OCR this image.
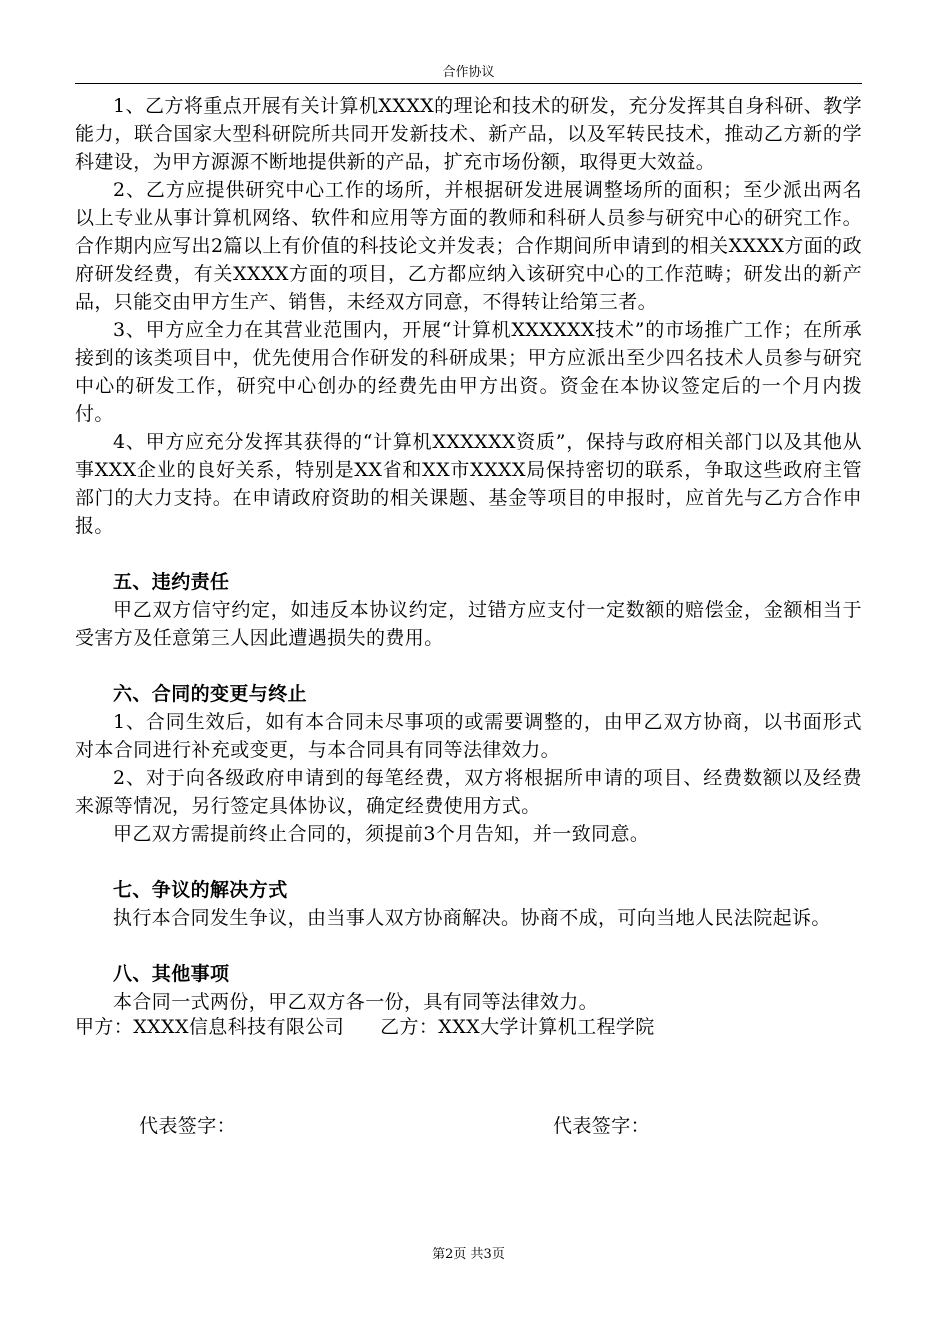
合作协议

1、乙方将重点开展有关计算机XXXX的理论和技术的研发，充分发挥其自身科研、教学能力，联合国家大型科研院所共同开发新技术、新产品，以及军转民技术，推动乙方新的学科建设，为甲方源源不断地提供新的产品，扩充市场份额，取得更大效益。

2、乙方应提供研究中心工作的场所，并根据研发进展调整场所的面积；至少派出两名以上专业从事计算机网络、软件和应用等方面的教师和科研人员参与研究中心的研究工作。合作期内应写出2篇以上有价值的科技论文并发表；合作期间所申请到的相关XXXX方面的政府研发经费，有关XXXX方面的项目，乙方都应纳入该研究中心的工作范畴；研发出的新产品，只能交由甲方生产、销售，未经双方同意，不得转让给第三者。

3、甲方应全力在其营业范围内，开展“计算机XXXXXX技术”的市场推广工作；在所承接到的该类项目中，优先使用合作研发的科研成果；甲方应派出至少四名技术人员参与研究中心的研发工作，研究中心创办的经费先由甲方出资。资金在本协议签定后的一个月内拨付。

4、甲方应充分发挥其获得的“计算机XXXXXX资质”，保持与政府相关部门以及其他从事XXX企业的良好关系，特别是XX省和XX市XXXX局保持密切的联系，争取这些政府主管部门的大力支持。在申请政府资助的相关课题、基金等项目的申报时，应首先与乙方合作申报。

五、违约责任

甲乙双方信守约定，如违反本协议约定，过错方应支付一定数额的赔偿金，金额相当于受害方及任意第三人因此遭遇损失的费用。

六、合同的变更与终止

1、合同生效后，如有本合同未尽事项的或需要调整的，由甲乙双方协商，以书面形式对本合同进行补充或变更，与本合同具有同等法律效力。

2、对于向各级政府申请到的每笔经费，双方将根据所申请的项目、经费数额以及经费来源等情况，另行签定具体协议，确定经费使用方式。

甲乙双方需提前终止合同的，须提前3个月告知，并一致同意。

七、争议的解决方式

执行本合同发生争议，由当事人双方协商解决。协商不成，可向当地人民法院起诉。

八、其他事项

本合同一式两份，甲乙双方各一份，具有同等法律效力。

甲方：XXXX信息科技有限公司 乙方：XXX大学计算机工程学院
代表签字：	代表签字：
第2页 共3页
